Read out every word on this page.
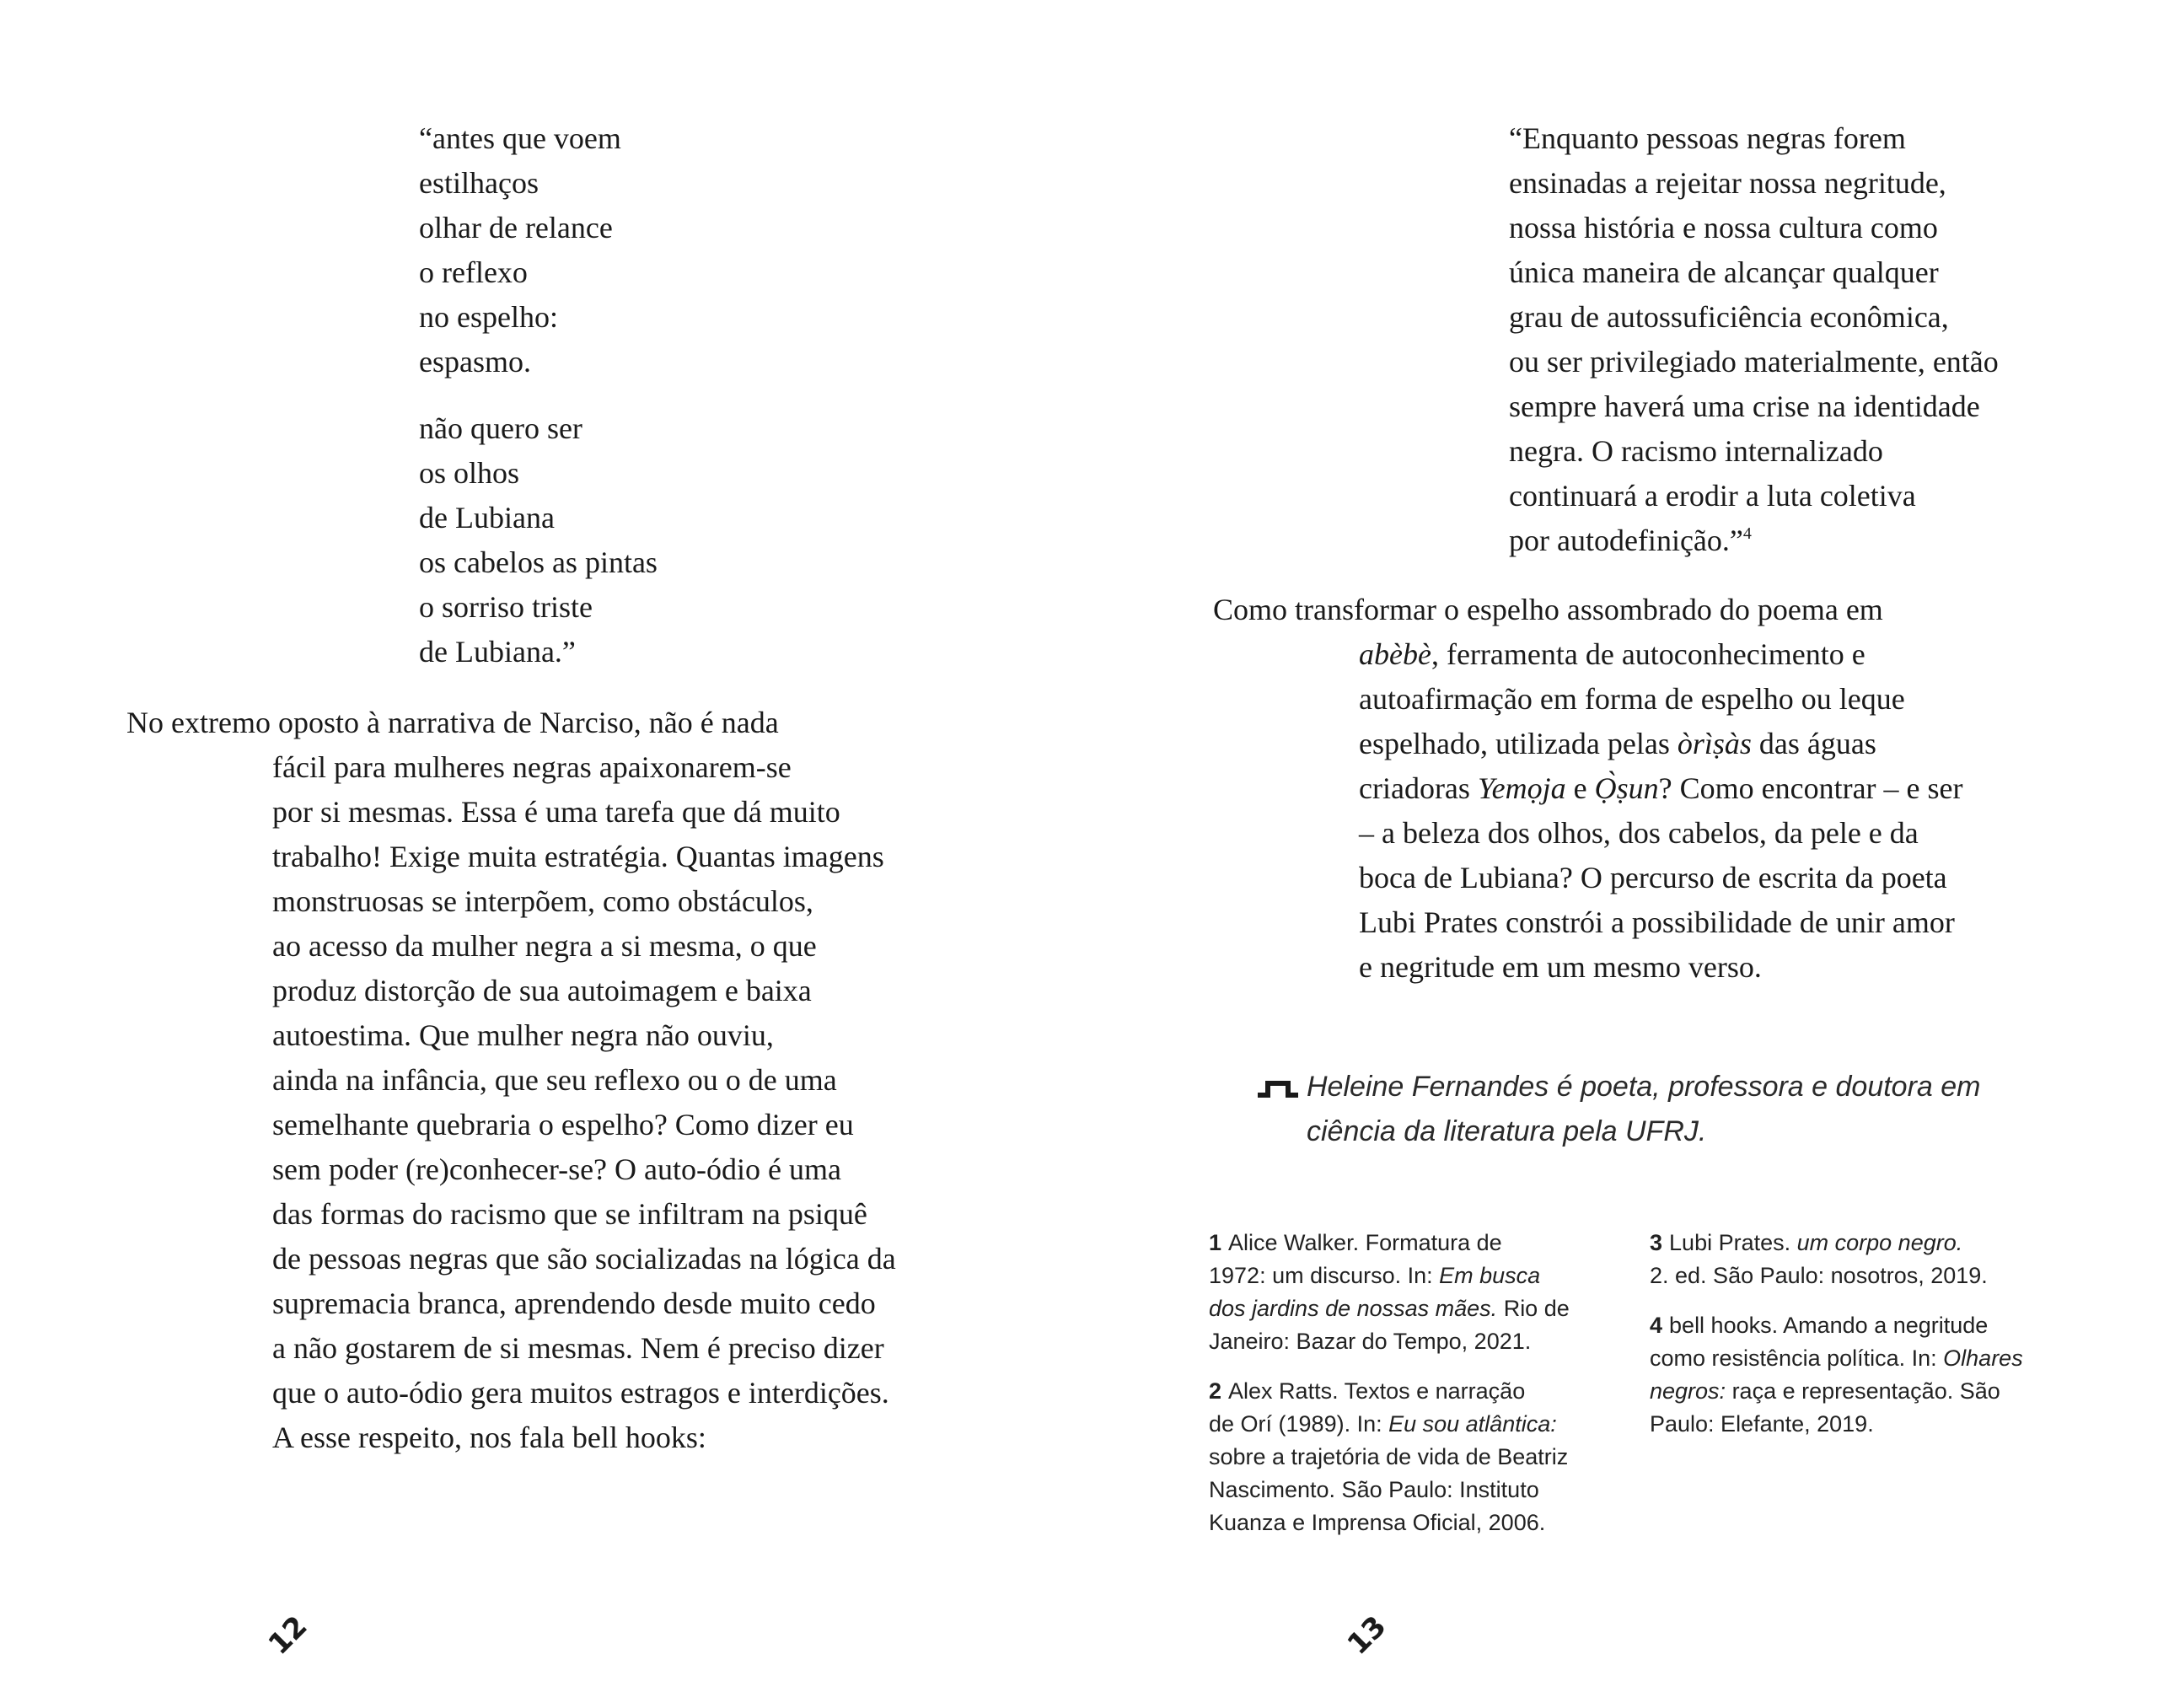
“antes que voem
estilhaços
olhar de relance
o reflexo
no espelho:
espasmo.
não quero ser
os olhos
de Lubiana
os cabelos as pintas
o sorriso triste
de Lubiana.”
No extremo oposto à narrativa de Narciso, não é nada
fácil para mulheres negras apaixonarem-se
por si mesmas. Essa é uma tarefa que dá muito
trabalho! Exige muita estratégia. Quantas imagens
monstruosas se interpõem, como obstáculos,
ao acesso da mulher negra a si mesma, o que
produz distorção de sua autoimagem e baixa
autoestima. Que mulher negra não ouviu,
ainda na infância, que seu reflexo ou o de uma
semelhante quebraria o espelho? Como dizer eu
sem poder (re)conhecer-se? O auto-ódio é uma
das formas do racismo que se infiltram na psiquê
de pessoas negras que são socializadas na lógica da
supremacia branca, aprendendo desde muito cedo
a não gostarem de si mesmas. Nem é preciso dizer
que o auto-ódio gera muitos estragos e interdições.
A esse respeito, nos fala bell hooks:
12
“Enquanto pessoas negras forem
ensinadas a rejeitar nossa negritude,
nossa história e nossa cultura como
única maneira de alcançar qualquer
grau de autossuficiência econômica,
ou ser privilegiado materialmente, então
sempre haverá uma crise na identidade
negra. O racismo internalizado
continuará a erodir a luta coletiva
por autodefinição.”$^4$
Como transformar o espelho assombrado do poema em
abèbè, ferramenta de autoconhecimento e
autoafirmação em forma de espelho ou leque
espelhado, utilizada pelas òrìṣàs das águas
criadoras Yemọja e Ọ̀ṣun? Como encontrar – e ser
– a beleza dos olhos, dos cabelos, da pele e da
boca de Lubiana? O percurso de escrita da poeta
Lubi Prates constrói a possibilidade de unir amor
e negritude em um mesmo verso.
Heleine Fernandes é poeta, professora e doutora em
ciência da literatura pela UFRJ.
1 Alice Walker. Formatura de
1972: um discurso. In: Em busca
dos jardins de nossas mães. Rio de
Janeiro: Bazar do Tempo, 2021.
2 Alex Ratts. Textos e narração
de Orí (1989). In: Eu sou atlântica:
sobre a trajetória de vida de Beatriz
Nascimento. São Paulo: Instituto
Kuanza e Imprensa Oficial, 2006.
3 Lubi Prates. um corpo negro.
2. ed. São Paulo: nosotros, 2019.
4 bell hooks. Amando a negritude
como resistência política. In: Olhares
negros: raça e representação. São
Paulo: Elefante, 2019.
13
